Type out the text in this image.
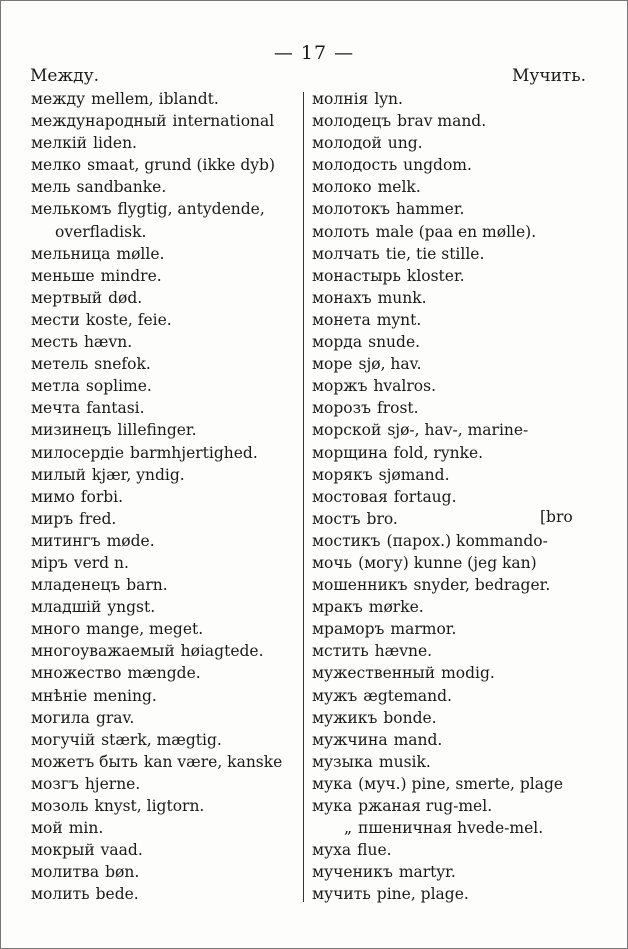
— 17 —
Между.	Мучить.
между mellem, iblandt.
международный international
мелкій liden.
мелко smaat, grund (ikke dyb)
мель sandbanke.
мелькомъ flygtig, antydende,
overfladisk.
мельница mølle.
меньше mindre.
мертвый død.
мести koste, feie.
месть hævn.
метель snefok.
метла soplime.
мечта fantasi.
мизинецъ lillefinger.
милосердіе barmhjertighed.
милый kjær, yndig.
мимо forbi.
миръ fred.
митингъ møde.
міръ verd n.
младенецъ barn.
младшій yngst.
много mange, meget.
многоуважаемый høiagtede.
множество mængde.
мнѣніе mening.
могила grav.
могучій stærk, mægtig.
можетъ быть kan være, kanske
мозгъ hjerne.
мозоль knyst, ligtorn.
мой min.
мокрый vaad.
молитва bøn.
молить bede.
молнія lyn.
молодецъ brav mand.
молодой ung.
молодость ungdom.
молоко melk.
молотокъ hammer.
молоть male (paa en mølle).
молчать tie, tie stille.
монастырь kloster.
монахъ munk.
монета mynt.
морда snude.
море sjø, hav.
моржъ hvalros.
морозъ frost.
морской sjø-, hav-, marine-
морщина fold, rynke.
морякъ sjømand.
мостовая fortaug.
мостъ bro.
мостикъ (парох.) kommando-
мочь (могу) kunne (jeg kan)
мошенникъ snyder, bedrager.
мракъ mørke.
мраморъ marmor.
мстить hævne.
мужественный modig.
мужъ ægtemand.
мужикъ bonde.
мужчина mand.
музыка musik.
мука (муч.) pine, smerte, plage
мука ржаная rug-mel.
„ пшеничная hvede-mel.
муха flue.
мученикъ martyr.
мучить pine, plage.
[bro
